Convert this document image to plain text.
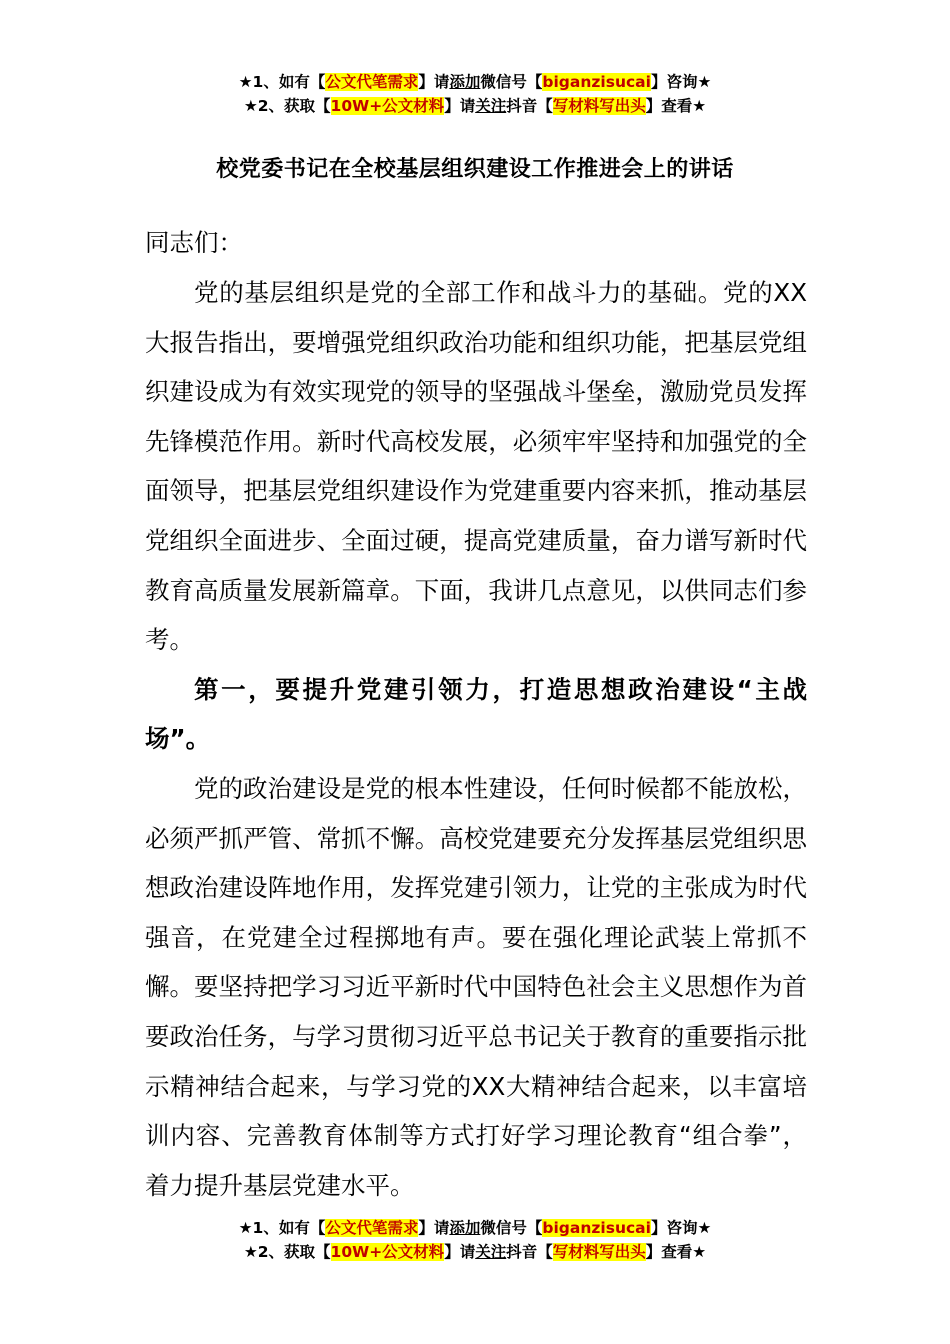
★1、如有【公文代笔需求】请添加微信号【biganzisucai】咨询★
★2、获取【10W+公文材料】请关注抖音【写材料写出头】查看★
校党委书记在全校基层组织建设工作推进会上的讲话

同志们：

党的基层组织是党的全部工作和战斗力的基础。党的XX大报告指出，要增强党组织政治功能和组织功能，把基层党组织建设成为有效实现党的领导的坚强战斗堡垒，激励党员发挥先锋模范作用。新时代高校发展，必须牢牢坚持和加强党的全面领导，把基层党组织建设作为党建重要内容来抓，推动基层党组织全面进步、全面过硬，提高党建质量，奋力谱写新时代教育高质量发展新篇章。下面，我讲几点意见，以供同志们参考。

第一，要提升党建引领力，打造思想政治建设“主战场”。

党的政治建设是党的根本性建设，任何时候都不能放松，必须严抓严管、常抓不懈。高校党建要充分发挥基层党组织思想政治建设阵地作用，发挥党建引领力，让党的主张成为时代强音，在党建全过程掷地有声。要在强化理论武装上常抓不懈。要坚持把学习习近平新时代中国特色社会主义思想作为首要政治任务，与学习贯彻习近平总书记关于教育的重要指示批示精神结合起来，与学习党的XX大精神结合起来，以丰富培训内容、完善教育体制等方式打好学习理论教育“组合拳”，着力提升基层党建水平。

★1、如有【公文代笔需求】请添加微信号【biganzisucai】咨询★
★2、获取【10W+公文材料】请关注抖音【写材料写出头】查看★
